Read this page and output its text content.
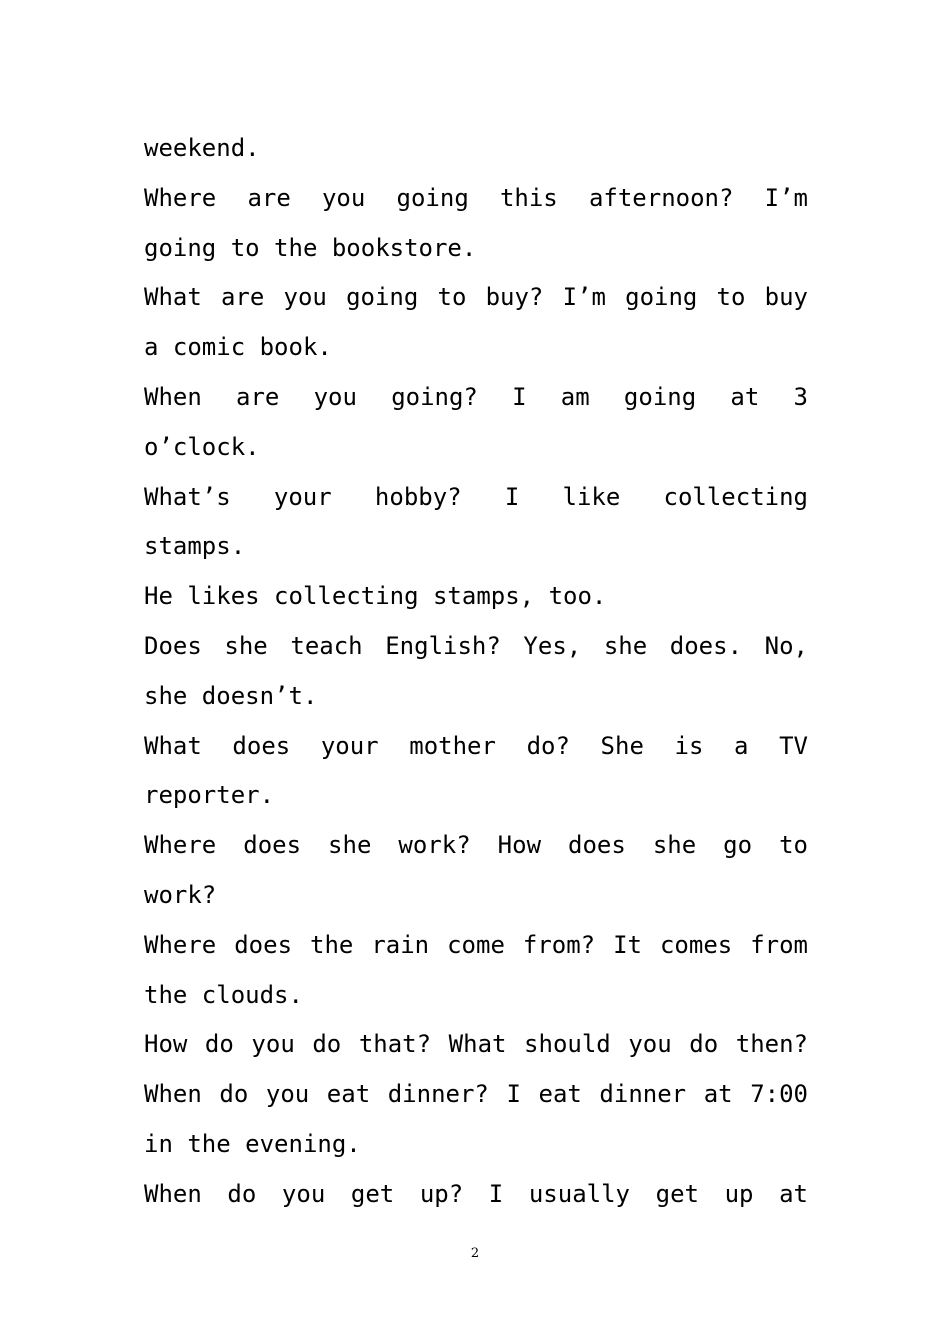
weekend.
Where are you going this afternoon? I’m
going to the bookstore.
What are you going to buy? I’m going to buy
a comic book.
When are you going? I am going at 3
o’clock.
What’s your hobby? I like collecting
stamps.
He likes collecting stamps, too.
Does she teach English? Yes, she does. No,
she doesn’t.
What does your mother do? She is a TV
reporter.
Where does she work? How does she go to
work?
Where does the rain come from? It comes from
the clouds.
How do you do that? What should you do then?
When do you eat dinner? I eat dinner at 7:00
in the evening.
When do you get up? I usually get up at
2
